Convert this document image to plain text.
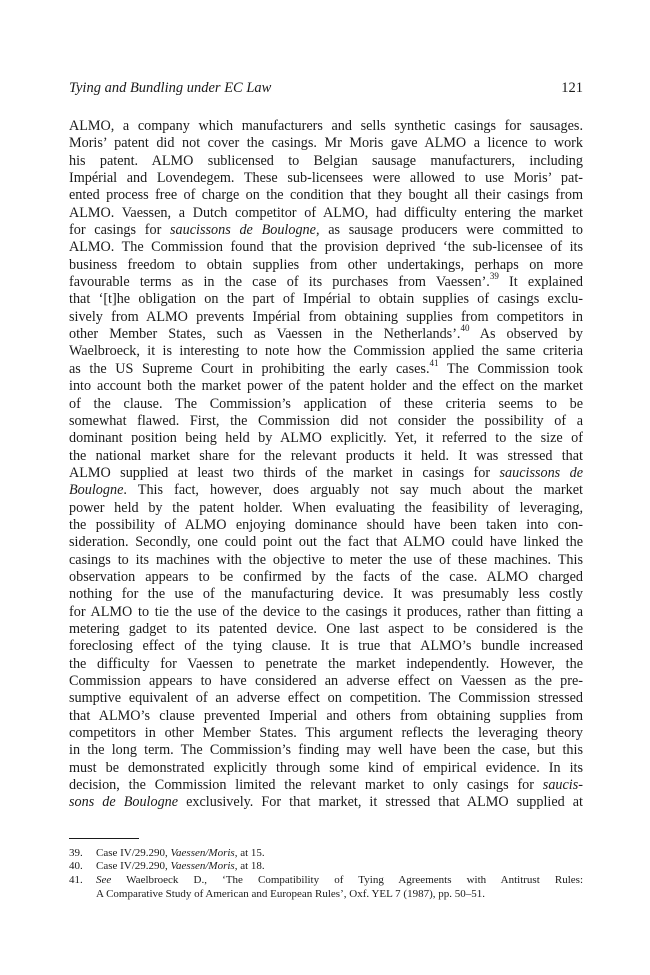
Tying and Bundling under EC Law	121
ALMO, a company which manufacturers and sells synthetic casings for sausages.
Moris’ patent did not cover the casings. Mr Moris gave ALMO a licence to work
his patent. ALMO sublicensed to Belgian sausage manufacturers, including
Impérial and Lovendegem. These sub-licensees were allowed to use Moris’ pat-
ented process free of charge on the condition that they bought all their casings from
ALMO. Vaessen, a Dutch competitor of ALMO, had difficulty entering the market
for casings for saucissons de Boulogne, as sausage producers were committed to
ALMO. The Commission found that the provision deprived ‘the sub-licensee of its
business freedom to obtain supplies from other undertakings, perhaps on more
favourable terms as in the case of its purchases from Vaessen’.$^{39}$ It explained
that ‘[t]he obligation on the part of Impérial to obtain supplies of casings exclu-
sively from ALMO prevents Impérial from obtaining supplies from competitors in
other Member States, such as Vaessen in the Netherlands’.$^{40}$ As observed by
Waelbroeck, it is interesting to note how the Commission applied the same criteria
as the US Supreme Court in prohibiting the early cases.$^{41}$ The Commission took
into account both the market power of the patent holder and the effect on the market
of the clause. The Commission’s application of these criteria seems to be
somewhat flawed. First, the Commission did not consider the possibility of a
dominant position being held by ALMO explicitly. Yet, it referred to the size of
the national market share for the relevant products it held. It was stressed that
ALMO supplied at least two thirds of the market in casings for saucissons de
Boulogne. This fact, however, does arguably not say much about the market
power held by the patent holder. When evaluating the feasibility of leveraging,
the possibility of ALMO enjoying dominance should have been taken into con-
sideration. Secondly, one could point out the fact that ALMO could have linked the
casings to its machines with the objective to meter the use of these machines. This
observation appears to be confirmed by the facts of the case. ALMO charged
nothing for the use of the manufacturing device. It was presumably less costly
for ALMO to tie the use of the device to the casings it produces, rather than fitting a
metering gadget to its patented device. One last aspect to be considered is the
foreclosing effect of the tying clause. It is true that ALMO’s bundle increased
the difficulty for Vaessen to penetrate the market independently. However, the
Commission appears to have considered an adverse effect on Vaessen as the pre-
sumptive equivalent of an adverse effect on competition. The Commission stressed
that ALMO’s clause prevented Imperial and others from obtaining supplies from
competitors in other Member States. This argument reflects the leveraging theory
in the long term. The Commission’s finding may well have been the case, but this
must be demonstrated explicitly through some kind of empirical evidence. In its
decision, the Commission limited the relevant market to only casings for saucis-
sons de Boulogne exclusively. For that market, it stressed that ALMO supplied at
39.	Case IV/29.290, Vaessen/Moris, at 15.
40.	Case IV/29.290, Vaessen/Moris, at 18.
41.	See Waelbroeck D., ‘The Compatibility of Tying Agreements with Antitrust Rules:
A Comparative Study of American and European Rules’, Oxf. YEL 7 (1987), pp. 50–51.
